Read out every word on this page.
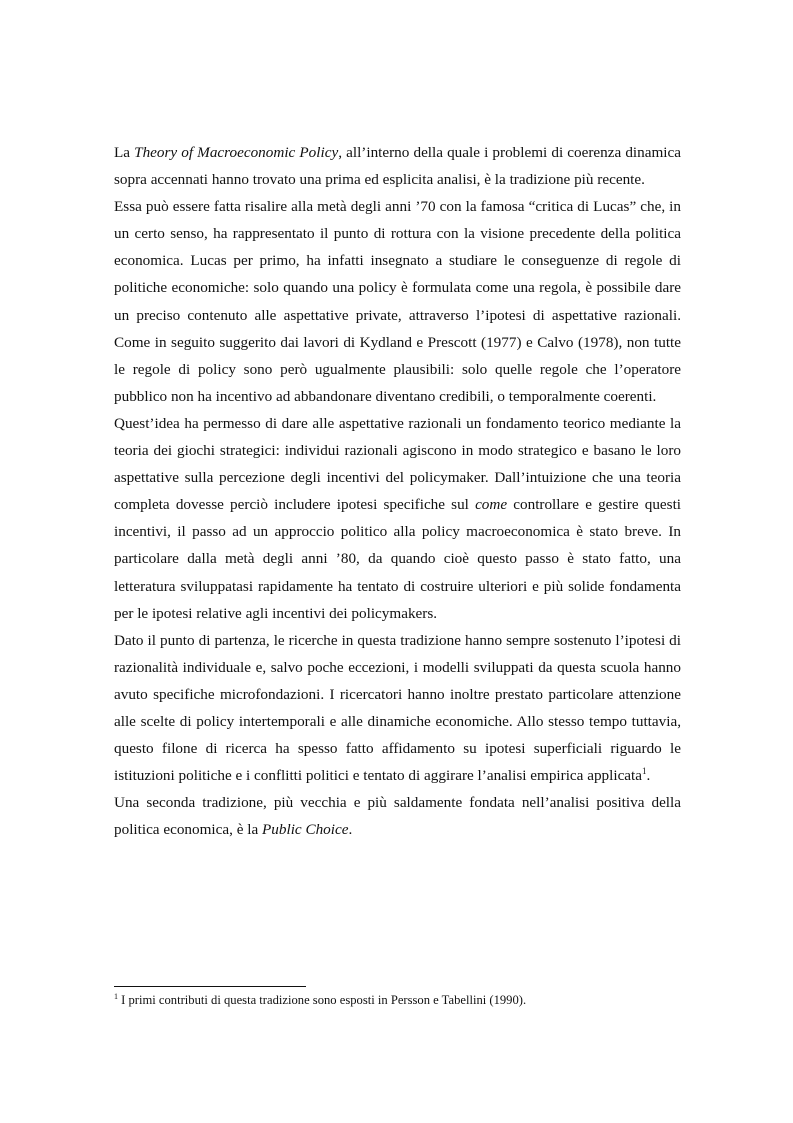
La Theory of Macroeconomic Policy, all’interno della quale i problemi di coerenza dinamica sopra accennati hanno trovato una prima ed esplicita analisi, è la tradizione più recente.

Essa può essere fatta risalire alla metà degli anni ’70 con la famosa “critica di Lucas” che, in un certo senso, ha rappresentato il punto di rottura con la visione precedente della politica economica. Lucas per primo, ha infatti insegnato a studiare le conseguenze di regole di politiche economiche: solo quando una policy è formulata come una regola, è possibile dare un preciso contenuto alle aspettative private, attraverso l’ipotesi di aspettative razionali. Come in seguito suggerito dai lavori di Kydland e Prescott (1977) e Calvo (1978), non tutte le regole di policy sono però ugualmente plausibili: solo quelle regole che l’operatore pubblico non ha incentivo ad abbandonare diventano credibili, o temporalmente coerenti.

Quest’idea ha permesso di dare alle aspettative razionali un fondamento teorico mediante la teoria dei giochi strategici: individui razionali agiscono in modo strategico e basano le loro aspettative sulla percezione degli incentivi del policymaker. Dall’intuizione che una teoria completa dovesse perciò includere ipotesi specifiche sul come controllare e gestire questi incentivi, il passo ad un approccio politico alla policy macroeconomica è stato breve. In particolare dalla metà degli anni ’80, da quando cioè questo passo è stato fatto, una letteratura sviluppatasi rapidamente ha tentato di costruire ulteriori e più solide fondamenta per le ipotesi relative agli incentivi dei policymakers.

Dato il punto di partenza, le ricerche in questa tradizione hanno sempre sostenuto l’ipotesi di razionalità individuale e, salvo poche eccezioni, i modelli sviluppati da questa scuola hanno avuto specifiche microfondazioni. I ricercatori hanno inoltre prestato particolare attenzione alle scelte di policy intertemporali e alle dinamiche economiche. Allo stesso tempo tuttavia, questo filone di ricerca ha spesso fatto affidamento su ipotesi superficiali riguardo le istituzioni politiche e i conflitti politici e tentato di aggirare l’analisi empirica applicata$^1$.

Una seconda tradizione, più vecchia e più saldamente fondata nell’analisi positiva della politica economica, è la Public Choice.

$^1$ I primi contributi di questa tradizione sono esposti in Persson e Tabellini (1990).
